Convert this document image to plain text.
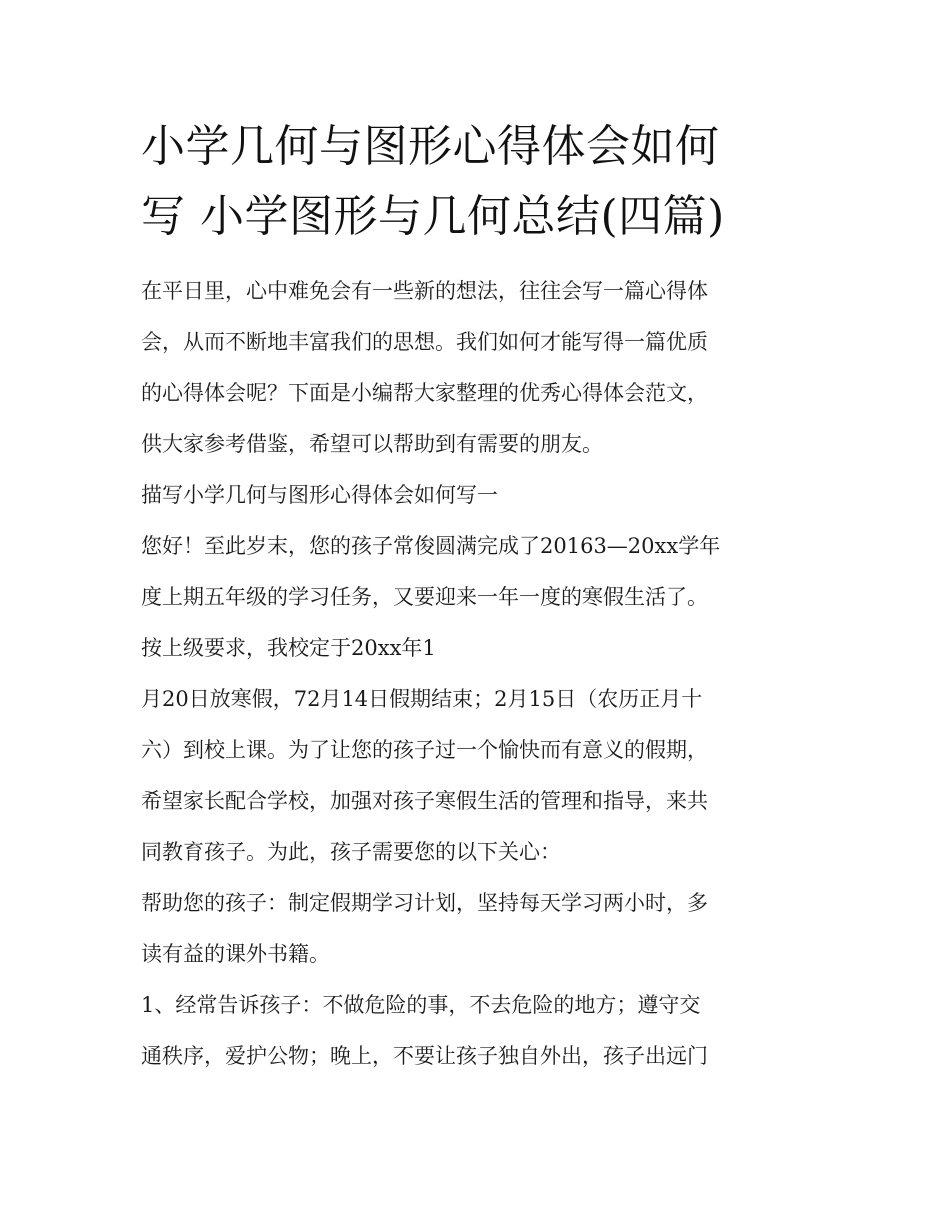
小学几何与图形心得体会如何
写 小学图形与几何总结(四篇)

在平日里，心中难免会有一些新的想法，往往会写一篇心得体
会，从而不断地丰富我们的思想。我们如何才能写得一篇优质
的心得体会呢？下面是小编帮大家整理的优秀心得体会范文，
供大家参考借鉴，希望可以帮助到有需要的朋友。

描写小学几何与图形心得体会如何写一

您好！至此岁末，您的孩子常俊圆满完成了20163—20xx学年
度上期五年级的学习任务，又要迎来一年一度的寒假生活了。
按上级要求，我校定于20xx年1

月20日放寒假，72月14日假期结束；2月15日（农历正月十
六）到校上课。为了让您的孩子过一个愉快而有意义的假期，
希望家长配合学校，加强对孩子寒假生活的管理和指导，来共
同教育孩子。为此，孩子需要您的以下关心：

帮助您的孩子：制定假期学习计划，坚持每天学习两小时，多
读有益的课外书籍。

1、经常告诉孩子：不做危险的事，不去危险的地方；遵守交
通秩序，爱护公物；晚上，不要让孩子独自外出，孩子出远门
